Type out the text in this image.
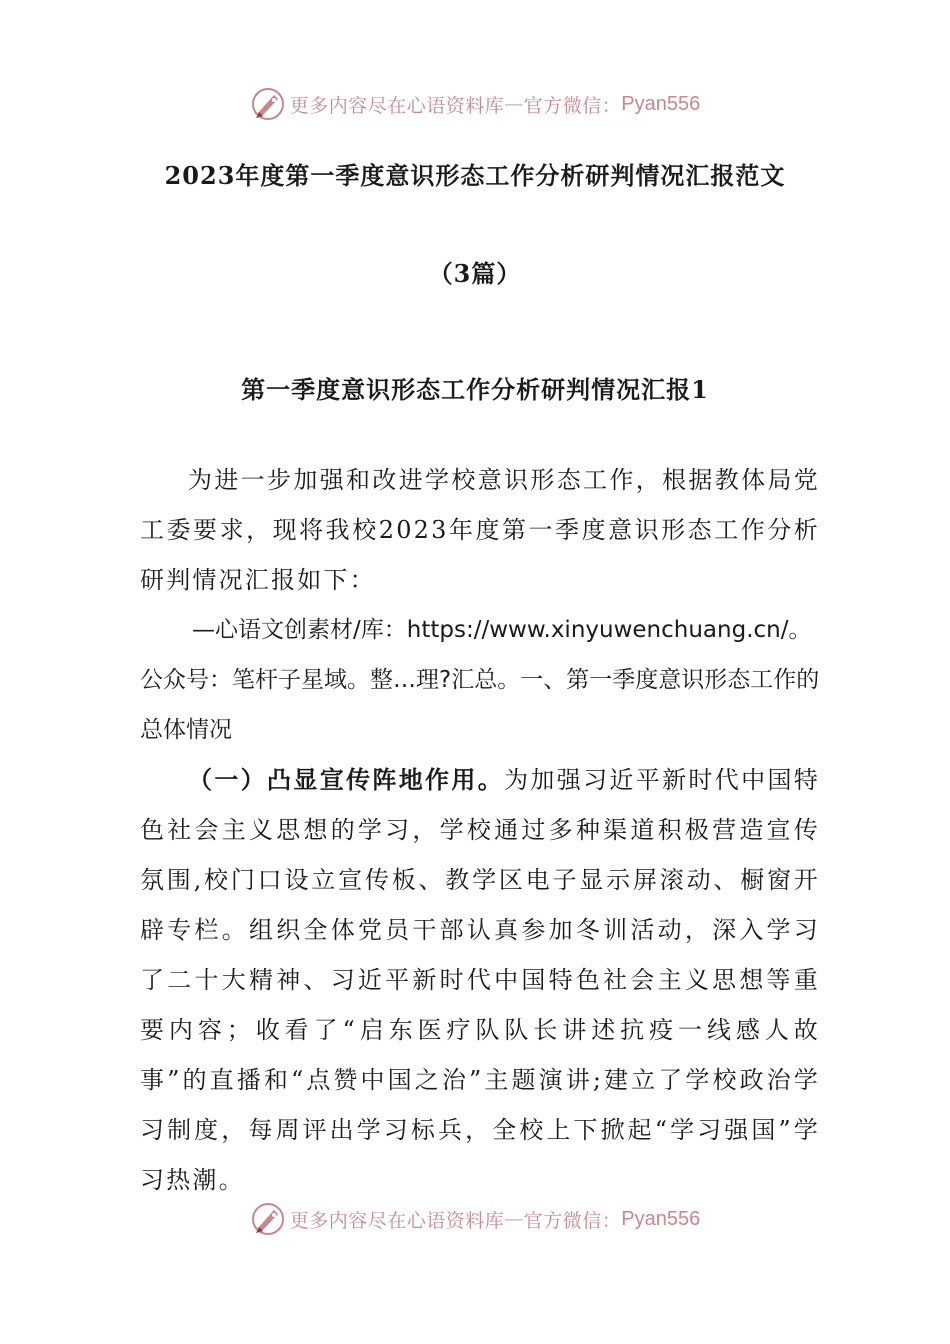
更多内容尽在心语资料库 — 官方微信： Pyan556
2023年度第一季度意识形态工作分析研判情况汇报范文
（3篇）
第一季度意识形态工作分析研判情况汇报1

为进一步加强和改进学校意识形态工作，根据教体局党工委要求，现将我校2023年度第一季度意识形态工作分析研判情况汇报如下：

—心语文创素材/库：https://www.xinyuwenchuang.cn/。公众号：笔杆子星域。整…理?汇总。一、第一季度意识形态工作的总体情况

（一）凸显宣传阵地作用。为加强习近平新时代中国特色社会主义思想的学习，学校通过多种渠道积极营造宣传氛围,校门口设立宣传板、教学区电子显示屏滚动、橱窗开辟专栏。组织全体党员干部认真参加冬训活动，深入学习了二十大精神、习近平新时代中国特色社会主义思想等重要内容；收看了“启东医疗队队长讲述抗疫一线感人故事”的直播和“点赞中国之治”主题演讲;建立了学校政治学习制度，每周评出学习标兵，全校上下掀起“学习强国”学习热潮。

更多内容尽在心语资料库 — 官方微信： Pyan556
